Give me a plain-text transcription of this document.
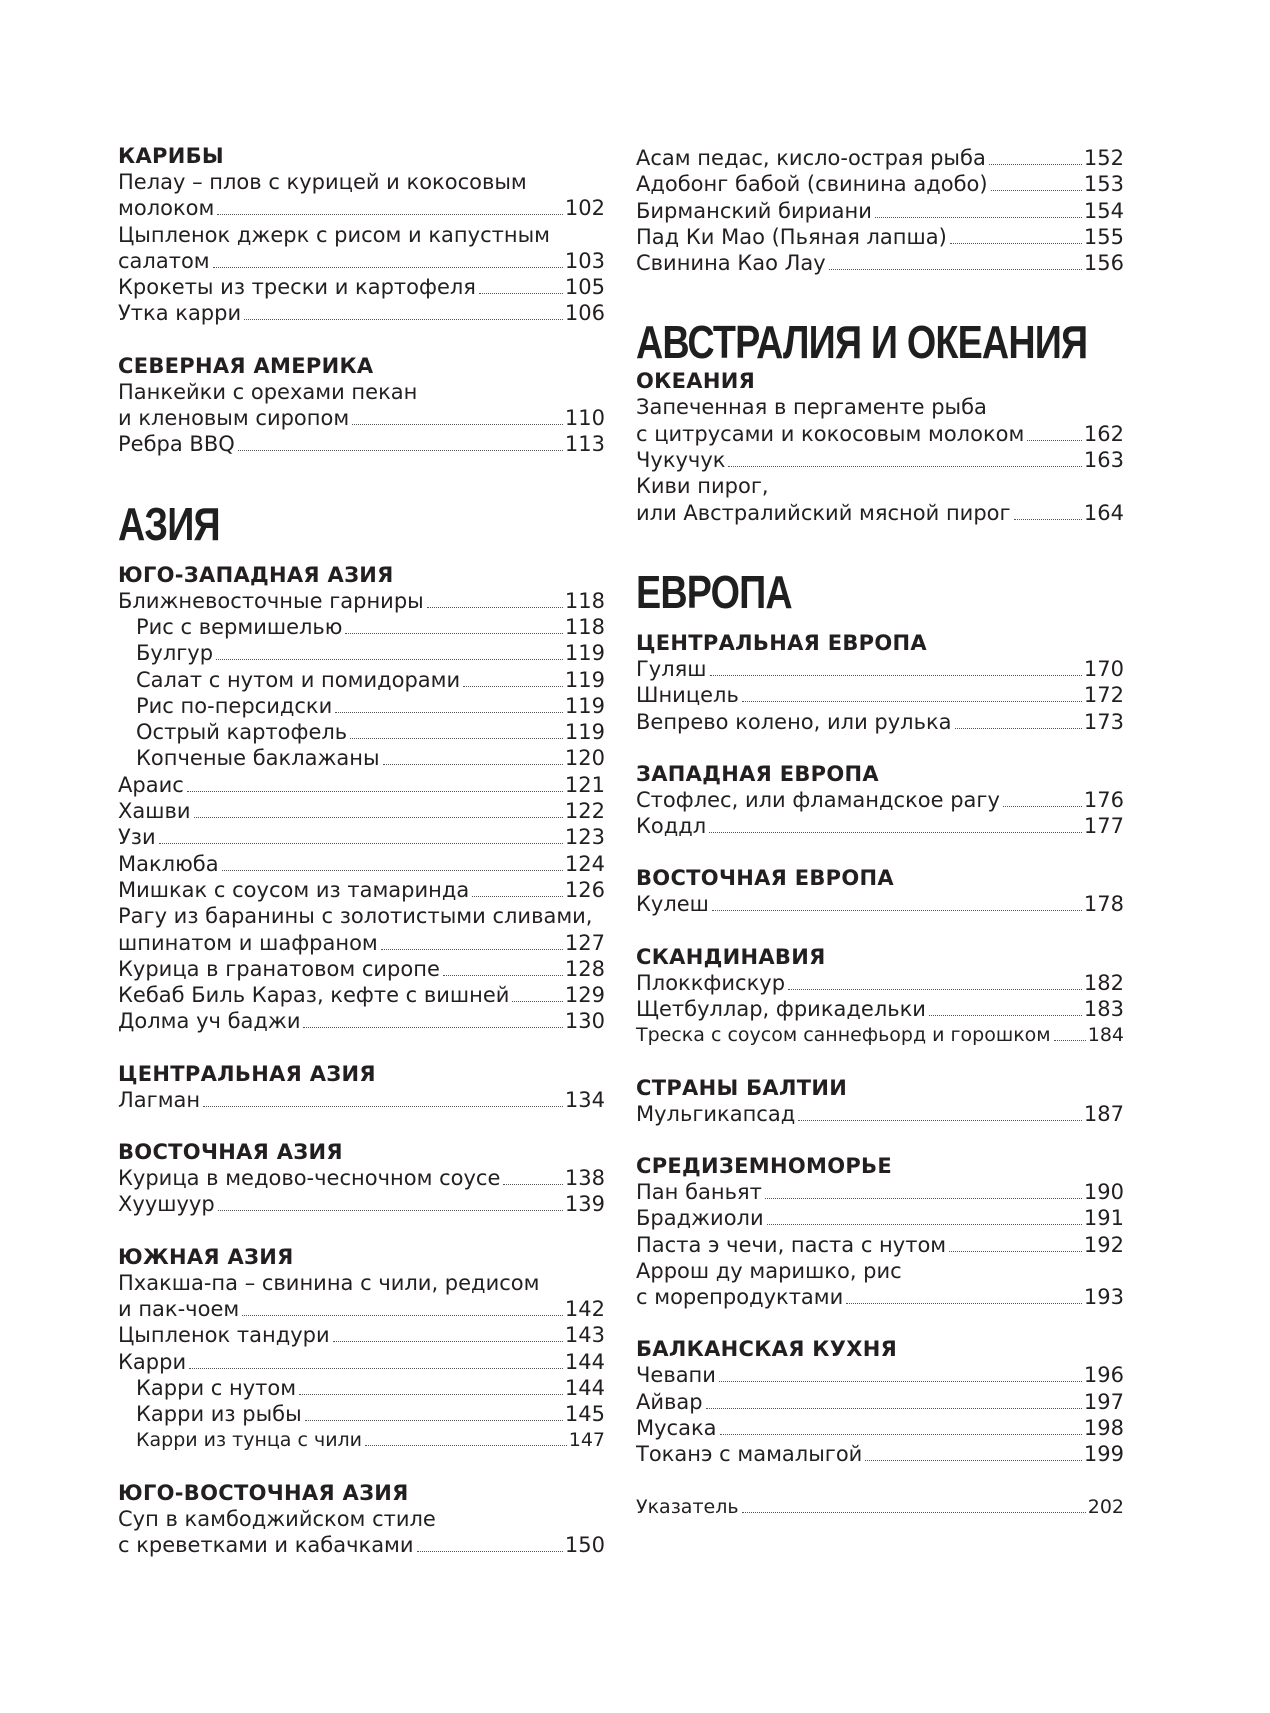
КАРИБЫ
Пелау – плов с курицей и кокосовым
молоком	102
Цыпленок джерк с рисом и капустным
салатом	103
Крокеты из трески и картофеля	105
Утка карри	106
СЕВЕРНАЯ АМЕРИКА
Панкейки с орехами пекан
и кленовым сиропом	110
Ребра BBQ	113
АЗИЯ
ЮГО-ЗАПАДНАЯ АЗИЯ
Ближневосточные гарниры	118
Рис с вермишелью	118
Булгур	119
Салат с нутом и помидорами	119
Рис по-персидски	119
Острый картофель	119
Копченые баклажаны	120
Араис	121
Хашви	122
Узи	123
Маклюба	124
Мишкак с соусом из тамаринда	126
Рагу из баранины с золотистыми сливами,
шпинатом и шафраном	127
Курица в гранатовом сиропе	128
Кебаб Биль Караз, кефте с вишней	129
Долма уч баджи	130
ЦЕНТРАЛЬНАЯ АЗИЯ
Лагман	134
ВОСТОЧНАЯ АЗИЯ
Курица в медово-чесночном соусе	138
Хуушуур	139
ЮЖНАЯ АЗИЯ
Пхакша-па – свинина с чили, редисом
и пак-чоем	142
Цыпленок тандури	143
Карри	144
Карри с нутом	144
Карри из рыбы	145
Карри из тунца с чили	147
ЮГО-ВОСТОЧНАЯ АЗИЯ
Суп в камбоджийском стиле
с креветками и кабачками	150
Асам педас, кисло-острая рыба	152
Адобонг бабой (свинина адобо)	153
Бирманский бириани	154
Пад Ки Мао (Пьяная лапша)	155
Свинина Као Лау	156
АВСТРАЛИЯ И ОКЕАНИЯ
ОКЕАНИЯ
Запеченная в пергаменте рыба
с цитрусами и кокосовым молоком	162
Чукучук	163
Киви пирог,
или Австралийский мясной пирог	164
ЕВРОПА
ЦЕНТРАЛЬНАЯ ЕВРОПА
Гуляш	170
Шницель	172
Вепрево колено, или рулька	173
ЗАПАДНАЯ ЕВРОПА
Стофлес, или фламандское рагу	176
Коддл	177
ВОСТОЧНАЯ ЕВРОПА
Кулеш	178
СКАНДИНАВИЯ
Плоккфискур	182
Щетбуллар, фрикадельки	183
Треска с соусом саннефьорд и горошком 184
СТРАНЫ БАЛТИИ
Мульгикапсад	187
СРЕДИЗЕМНОМОРЬЕ
Пан баньят	190
Браджиоли	191
Паста э чечи, паста с нутом	192
Аррош ду маришко, рис
с морепродуктами	193
БАЛКАНСКАЯ КУХНЯ
Чевапи	196
Айвар	197
Мусака	198
Токанэ с мамалыгой	199
Указатель	202
